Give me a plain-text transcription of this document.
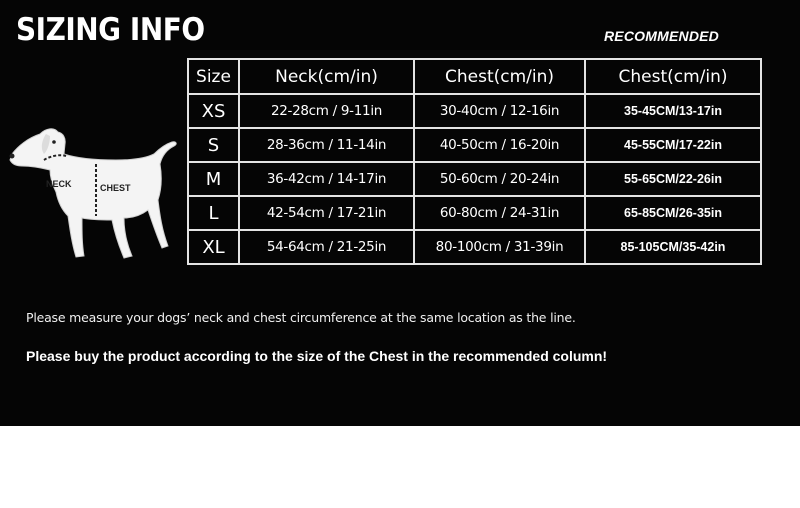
SIZING INFO	RECOMMENDED
NECK	CHEST
Size	Neck(cm/in)	Chest(cm/in)	Chest(cm/in)
XS	22-28cm / 9-11in	30-40cm / 12-16in	35-45CM/13-17in
S	28-36cm / 11-14in	40-50cm / 16-20in	45-55CM/17-22in
M	36-42cm / 14-17in	50-60cm / 20-24in	55-65CM/22-26in
L	42-54cm / 17-21in	60-80cm / 24-31in	65-85CM/26-35in
XL	54-64cm / 21-25in	80-100cm / 31-39in	85-105CM/35-42in
Please measure your dogs’ neck and chest circumference at the same location as the line.
Please buy the product according to the size of the Chest in the recommended column!
